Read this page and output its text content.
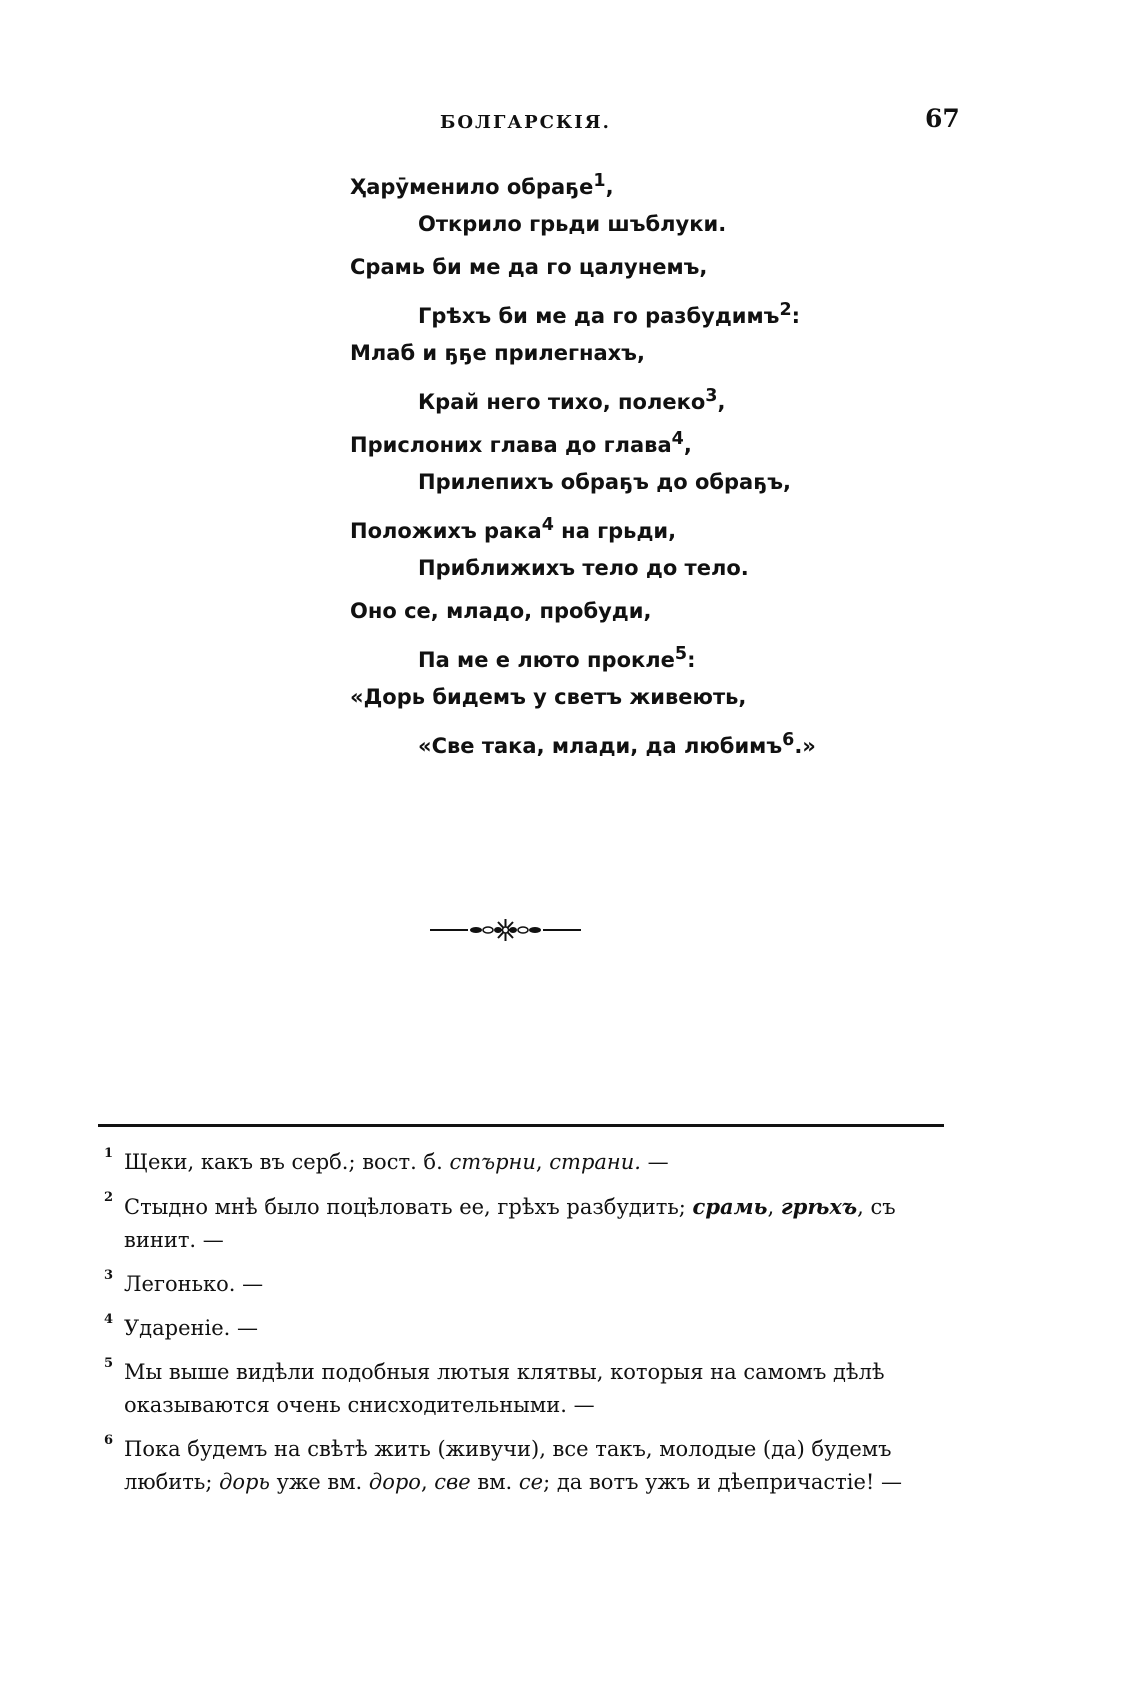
БОЛГАРСКІЯ.	67
Ҳарӯменило обраҕе$^1$,
Открило грьди шъблуки.
Срамь би ме да го цалунемъ,
Грѣхъ би ме да го разбудимъ$^2$:
Млаб и ҕҕе прилегнахъ,
Край него тихо, полеко$^3$,
Прислоних глава до глава$^4$,
Прилепихъ обраҕъ до обраҕъ,
Положихъ рака$^4$ на грьди,
Приближихъ тело до тело.
Оно се, младо, пробуди,
Па ме е люто прокле$^5$:
«Дорь бидемъ у светъ живеють,
«Све така, млади, да любимъ$^6$.»
1 Щеки, какъ въ серб.; вост. б. стърни, страни. —
2 Стыдно мнѣ было поцѣловать ее, грѣхъ разбудить; срамь, грѣхъ, съ винит. —
3 Легонько. —
4 Удареніе. —
5 Мы выше видѣли подобныя лютыя клятвы, которыя на самомъ дѣлѣ оказываются очень снисходительными. —
6 Пока будемъ на свѣтѣ жить (живучи), все такъ, молодые (да) будемъ любить; дорь уже вм. доро, све вм. се; да вотъ ужъ и дѣепричастіе! —
